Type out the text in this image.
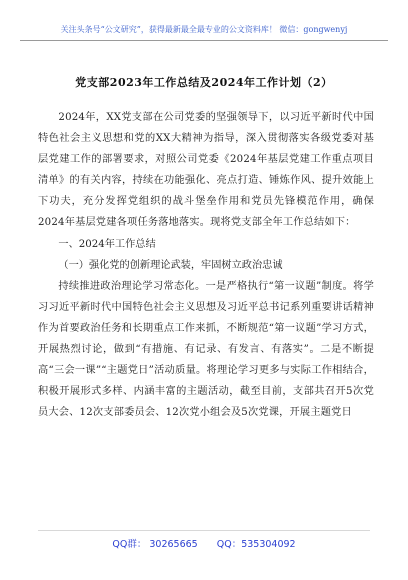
关注头条号“公文研究”，获得最新最全最专业的公文资料库！ 微信：gongwenyj
党支部2023年工作总结及2024年工作计划（2）

2024年，XX党支部在公司党委的坚强领导下，以习近平新时代中国特色社会主义思想和党的XX大精神为指导，深入贯彻落实各级党委对基层党建工作的部署要求，对照公司党委《2024年基层党建工作重点项目清单》的有关内容，持续在功能强化、亮点打造、锤炼作风、提升效能上下功夫，充分发挥党组织的战斗堡垒作用和党员先锋模范作用，确保2024年基层党建各项任务落地落实。现将党支部全年工作总结如下：

一、2024年工作总结

（一）强化党的创新理论武装，牢固树立政治忠诚

持续推进政治理论学习常态化。一是严格执行“第一议题”制度。将学习习近平新时代中国特色社会主义思想及习近平总书记系列重要讲话精神作为首要政治任务和长期重点工作来抓，不断规范“第一议题”学习方式，开展热烈讨论，做到“有措施、有记录、有发言、有落实”。二是不断提高“三会一课”“主题党日”活动质量。将理论学习更多与实际工作相结合，积极开展形式多样、内涵丰富的主题活动，截至目前，支部共召开5次党员大会、12次支部委员会、12次党小组会及5次党课，开展主题党日

QQ群： 30265665 QQ：535304092
